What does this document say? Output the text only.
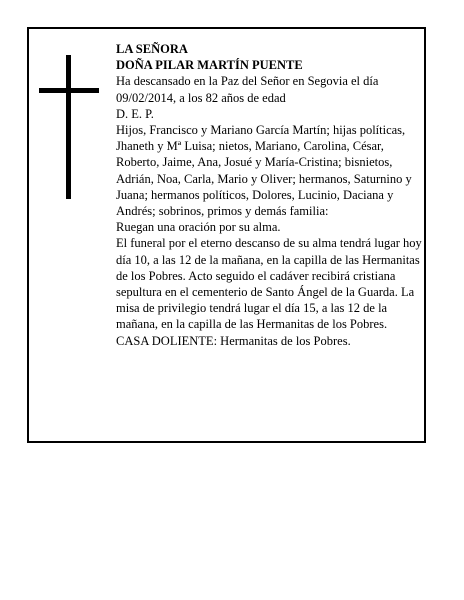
LA SEÑORA

DOÑA PILAR MARTÍN PUENTE

Ha descansado en la Paz del Señor en Segovia el día 09/02/2014, a los 82 años de edad

D. E. P.

Hijos, Francisco y Mariano García Martín; hijas políticas, Jhaneth y Mª Luisa; nietos, Mariano, Carolina, César, Roberto, Jaime, Ana, Josué y María-Cristina; bisnietos, Adrián, Noa, Carla, Mario y Oliver; hermanos, Saturnino y Juana; hermanos políticos, Dolores, Lucinio, Daciana y Andrés; sobrinos, primos y demás familia:

Ruegan una oración por su alma.

El funeral por el eterno descanso de su alma tendrá lugar hoy día 10, a las 12 de la mañana, en la capilla de las Hermanitas de los Pobres. Acto seguido el cadáver recibirá cristiana sepultura en el cementerio de Santo Ángel de la Guarda. La misa de privilegio tendrá lugar el día 15, a las 12 de la mañana, en la capilla de las Hermanitas de los Pobres.

CASA DOLIENTE: Hermanitas de los Pobres.
